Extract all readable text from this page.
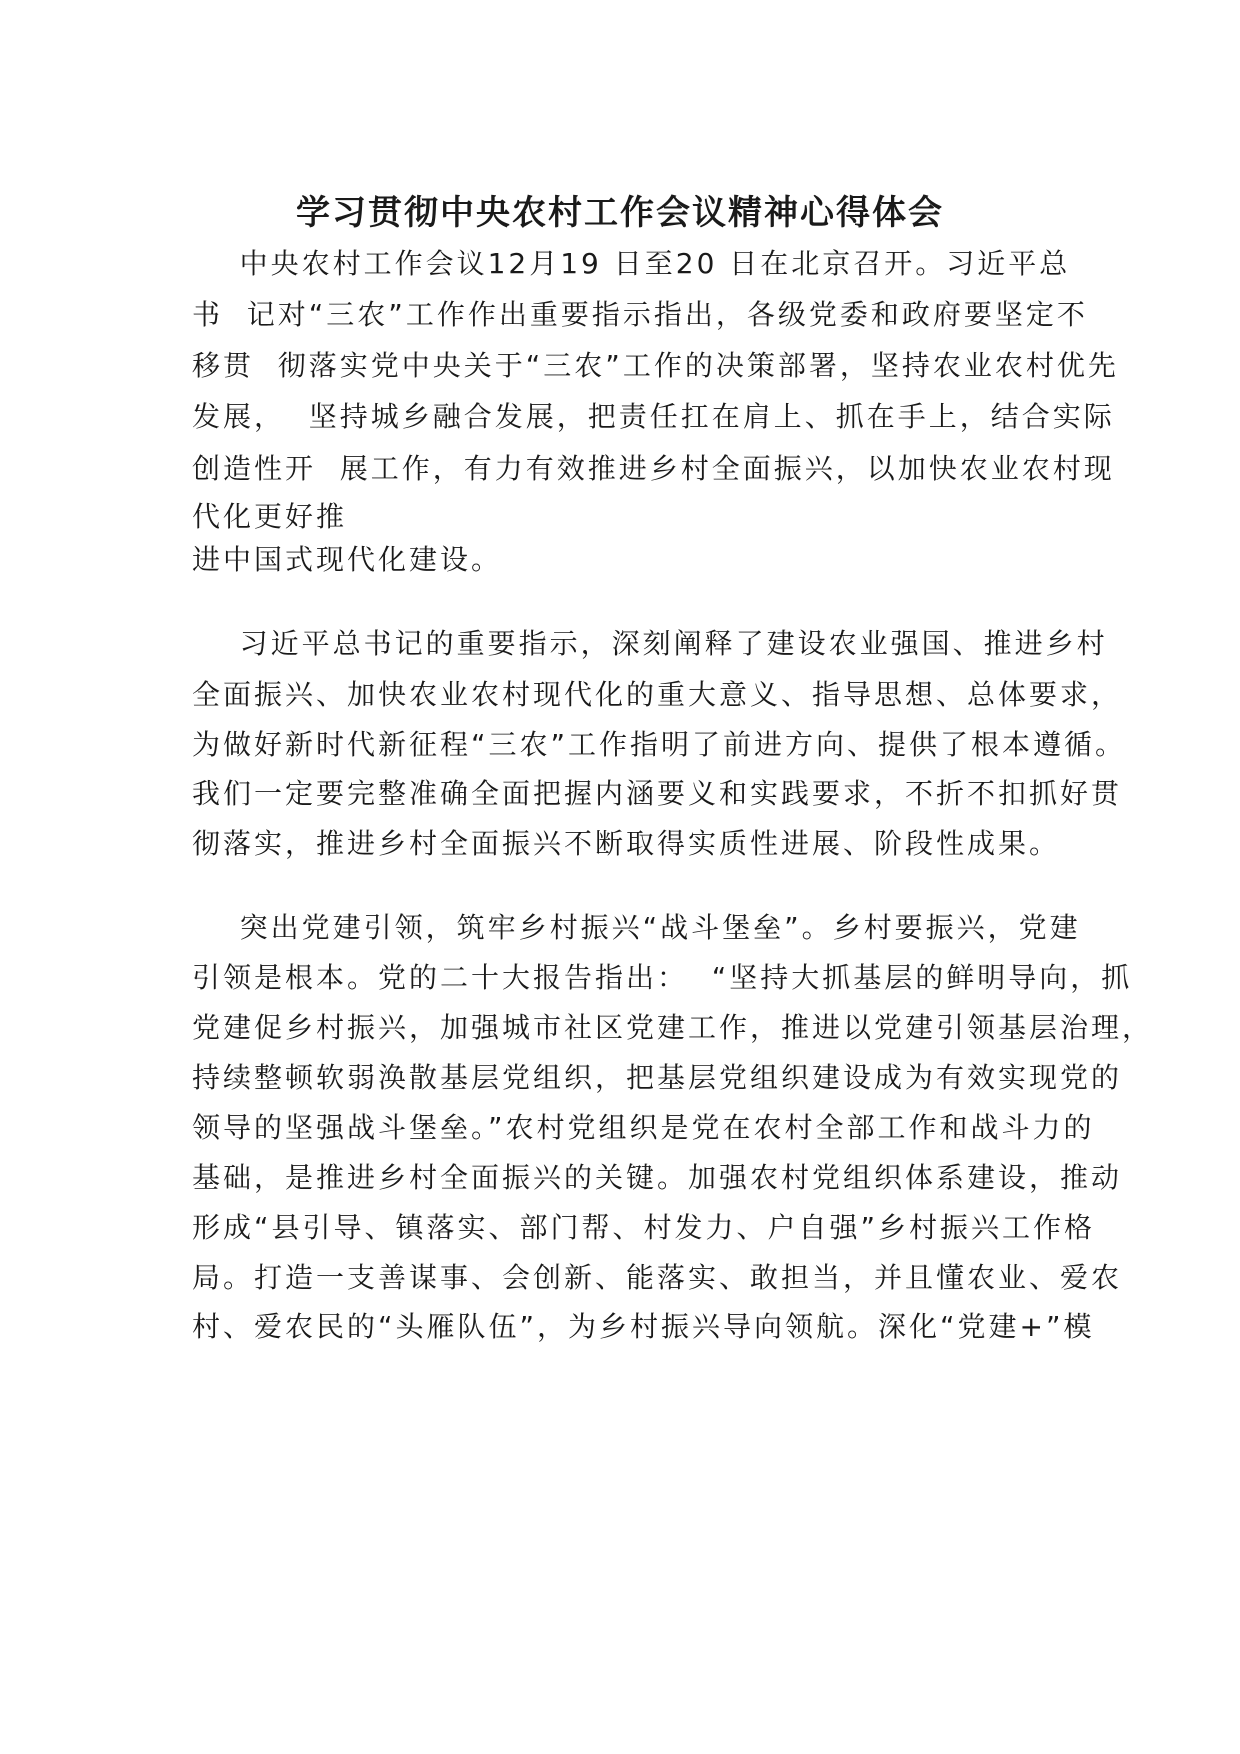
学习贯彻中央农村工作会议精神心得体会

中央农村工作会议12月19 日至20 日在北京召开。习近平总

书  记对“三农”工作作出重要指示指出，各级党委和政府要坚定不

移贯  彻落实党中央关于“三农”工作的决策部署，坚持农业农村优先

发展，  坚持城乡融合发展，把责任扛在肩上、抓在手上，结合实际

创造性开  展工作，有力有效推进乡村全面振兴，以加快农业农村现

代化更好推

进中国式现代化建设。

习近平总书记的重要指示，深刻阐释了建设农业强国、推进乡村

全面振兴、加快农业农村现代化的重大意义、指导思想、总体要求，

为做好新时代新征程“三农”工作指明了前进方向、提供了根本遵循。

我们一定要完整准确全面把握内涵要义和实践要求，不折不扣抓好贯

彻落实，推进乡村全面振兴不断取得实质性进展、阶段性成果。

突出党建引领，筑牢乡村振兴“战斗堡垒”。乡村要振兴，党建

引领是根本。党的二十大报告指出：  “坚持大抓基层的鲜明导向，抓

党建促乡村振兴，加强城市社区党建工作，推进以党建引领基层治理，

持续整顿软弱涣散基层党组织，把基层党组织建设成为有效实现党的

领导的坚强战斗堡垒。”农村党组织是党在农村全部工作和战斗力的

基础，是推进乡村全面振兴的关键。加强农村党组织体系建设，推动

形成“县引导、镇落实、部门帮、村发力、户自强”乡村振兴工作格

局。打造一支善谋事、会创新、能落实、敢担当，并且懂农业、爱农

村、爱农民的“头雁队伍”，为乡村振兴导向领航。深化“党建+”模
